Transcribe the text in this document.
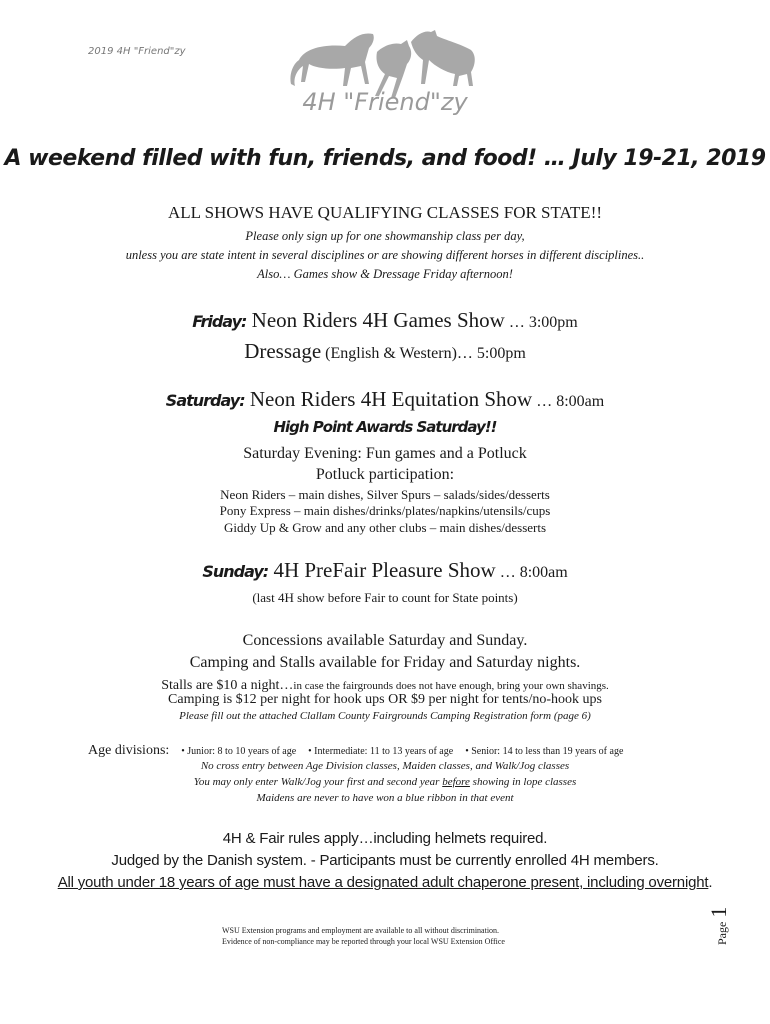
2019 4H "Friend"zy
4H "Friend"zy
A weekend filled with fun, friends, and food! … July 19-21, 2019
ALL SHOWS HAVE QUALIFYING CLASSES FOR STATE!!
Please only sign up for one showmanship class per day,
unless you are state intent in several disciplines or are showing different horses in different disciplines..
Also… Games show & Dressage Friday afternoon!
Friday: Neon Riders 4H Games Show … 3:00pm
Dressage (English & Western)… 5:00pm
Saturday: Neon Riders 4H Equitation Show … 8:00am
High Point Awards Saturday!!
Saturday Evening: Fun games and a Potluck
Potluck participation:
Neon Riders – main dishes, Silver Spurs – salads/sides/desserts
Pony Express – main dishes/drinks/plates/napkins/utensils/cups
Giddy Up & Grow and any other clubs – main dishes/desserts
Sunday: 4H PreFair Pleasure Show … 8:00am
(last 4H show before Fair to count for State points)
Concessions available Saturday and Sunday.
Camping and Stalls available for Friday and Saturday nights.
Stalls are $10 a night…in case the fairgrounds does not have enough, bring your own shavings.
Camping is $12 per night for hook ups OR $9 per night for tents/no-hook ups
Please fill out the attached Clallam County Fairgrounds Camping Registration form (page 6)
Age divisions: • Junior: 8 to 10 years of age • Intermediate: 11 to 13 years of age • Senior: 14 to less than 19 years of age
No cross entry between Age Division classes, Maiden classes, and Walk/Jog classes
You may only enter Walk/Jog your first and second year before showing in lope classes
Maidens are never to have won a blue ribbon in that event
4H & Fair rules apply…including helmets required.
Judged by the Danish system. - Participants must be currently enrolled 4H members.
All youth under 18 years of age must have a designated adult chaperone present, including overnight.
WSU Extension programs and employment are available to all without discrimination.
Evidence of non-compliance may be reported through your local WSU Extension Office	Page 1
